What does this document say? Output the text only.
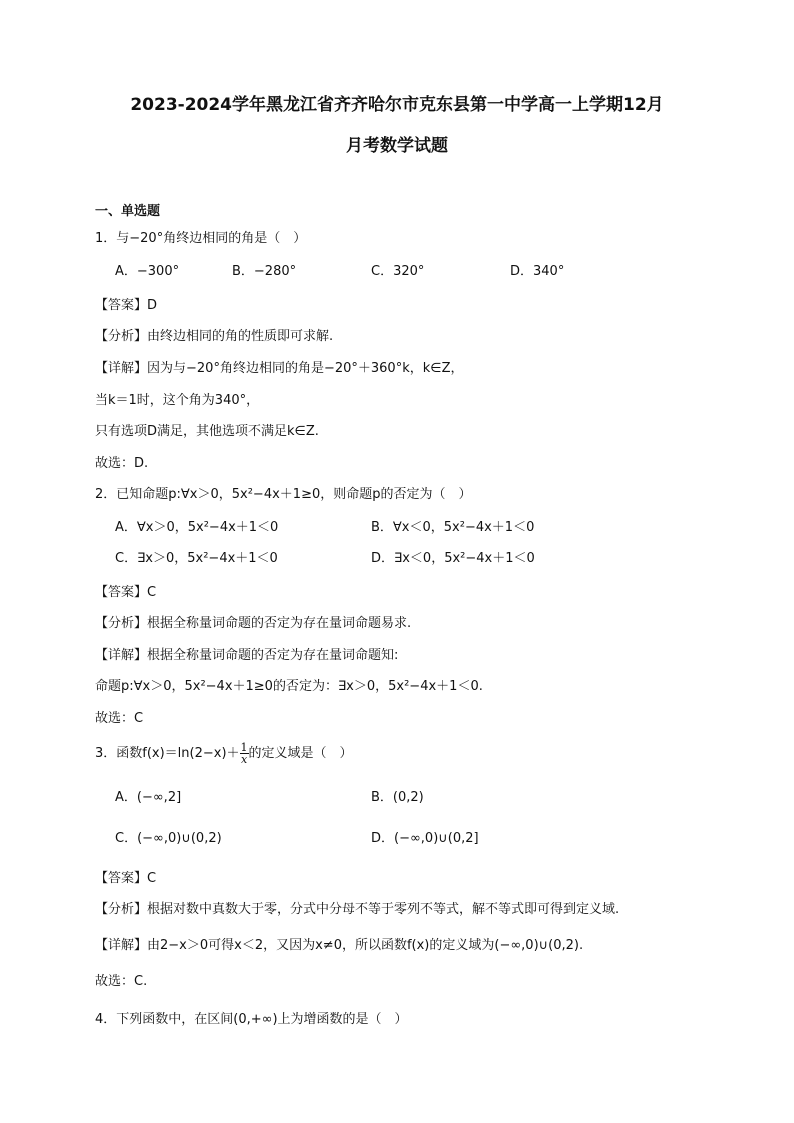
2023-2024学年黑龙江省齐齐哈尔市克东县第一中学高一上学期12月
月考数学试题
一、单选题
1．与−20°角终边相同的角是（　）
A．−300°	B．−280°	C．320°	D．340°
【答案】D
【分析】由终边相同的角的性质即可求解.
【详解】因为与−20°角终边相同的角是−20°＋360°k，k∈Z，
当k＝1时，这个角为340°，
只有选项D满足，其他选项不满足k∈Z.
故选：D.
2．已知命题p:∀x＞0，5x²−4x＋1≥0，则命题p的否定为（　）
A．∀x＞0，5x²−4x＋1＜0	B．∀x＜0，5x²−4x＋1＜0
C．∃x＞0，5x²−4x＋1＜0	D．∃x＜0，5x²−4x＋1＜0
【答案】C
【分析】根据全称量词命题的否定为存在量词命题易求.
【详解】根据全称量词命题的否定为存在量词命题知:
命题p:∀x＞0，5x²−4x＋1≥0的否定为：∃x＞0，5x²−4x＋1＜0.
故选：C
3．函数$f(x)=\ln(2-x)+ \frac{1}{x}$ 的定义域是（　）
A．(−∞,2]	B．(0,2)
C．(−∞,0)∪(0,2)	D．(−∞,0)∪(0,2]
【答案】C
【分析】根据对数中真数大于零，分式中分母不等于零列不等式，解不等式即可得到定义域.
【详解】由2−x＞0可得x＜2，又因为x≠0，所以函数f(x)的定义域为(−∞,0)∪(0,2).
故选：C.
4．下列函数中，在区间(0,+∞)上为增函数的是（　）
